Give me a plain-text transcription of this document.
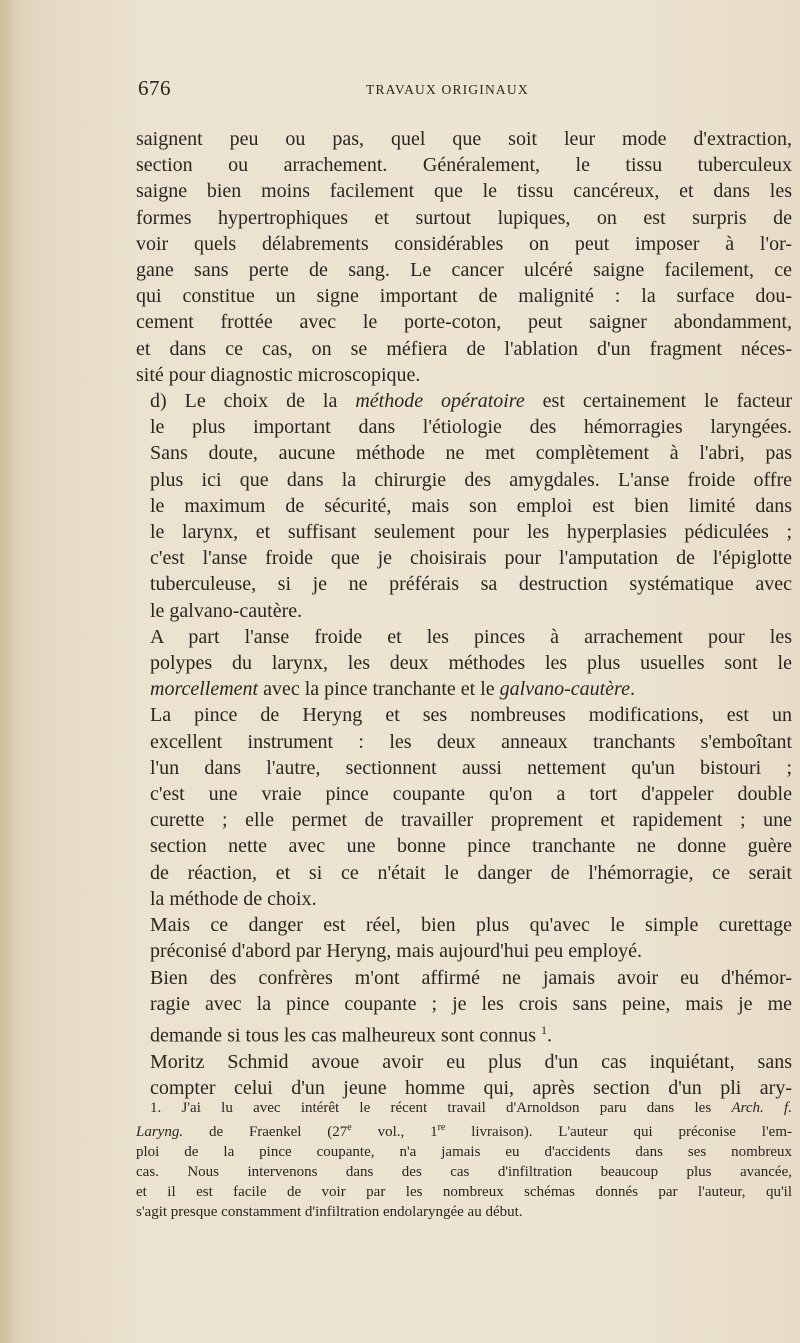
676	TRAVAUX ORIGINAUX

saignent peu ou pas, quel que soit leur mode d'extraction,
section ou arrachement. Généralement, le tissu tuberculeux
saigne bien moins facilement que le tissu cancéreux, et dans les
formes hypertrophiques et surtout lupiques, on est surpris de
voir quels délabrements considérables on peut imposer à l'or-
gane sans perte de sang. Le cancer ulcéré saigne facilement, ce
qui constitue un signe important de malignité : la surface dou-
cement frottée avec le porte-coton, peut saigner abondamment,
et dans ce cas, on se méfiera de l'ablation d'un fragment néces-
sité pour diagnostic microscopique.

d) Le choix de la méthode opératoire est certainement le facteur
le plus important dans l'étiologie des hémorragies laryngées.
Sans doute, aucune méthode ne met complètement à l'abri, pas
plus ici que dans la chirurgie des amygdales. L'anse froide offre
le maximum de sécurité, mais son emploi est bien limité dans
le larynx, et suffisant seulement pour les hyperplasies pédiculées ;
c'est l'anse froide que je choisirais pour l'amputation de l'épiglotte
tuberculeuse, si je ne préférais sa destruction systématique avec
le galvano-cautère.

A part l'anse froide et les pinces à arrachement pour les
polypes du larynx, les deux méthodes les plus usuelles sont le
morcellement avec la pince tranchante et le galvano-cautère.

La pince de Heryng et ses nombreuses modifications, est un
excellent instrument : les deux anneaux tranchants s'emboîtant
l'un dans l'autre, sectionnent aussi nettement qu'un bistouri ;
c'est une vraie pince coupante qu'on a tort d'appeler double
curette ; elle permet de travailler proprement et rapidement ; une
section nette avec une bonne pince tranchante ne donne guère
de réaction, et si ce n'était le danger de l'hémorragie, ce serait
la méthode de choix.

Mais ce danger est réel, bien plus qu'avec le simple curettage
préconisé d'abord par Heryng, mais aujourd'hui peu employé.

Bien des confrères m'ont affirmé ne jamais avoir eu d'hémor-
ragie avec la pince coupante ; je les crois sans peine, mais je me
demande si tous les cas malheureux sont connus $^1$.

Moritz Schmid avoue avoir eu plus d'un cas inquiétant, sans
compter celui d'un jeune homme qui, après section d'un pli ary-

1. J'ai lu avec intérêt le récent travail d'Arnoldson paru dans les Arch. f.
Laryng. de Fraenkel (27e vol., 1re livraison). L'auteur qui préconise l'em-
ploi de la pince coupante, n'a jamais eu d'accidents dans ses nombreux
cas. Nous intervenons dans des cas d'infiltration beaucoup plus avancée,
et il est facile de voir par les nombreux schémas donnés par l'auteur, qu'il
s'agit presque constamment d'infiltration endolaryngée au début.
